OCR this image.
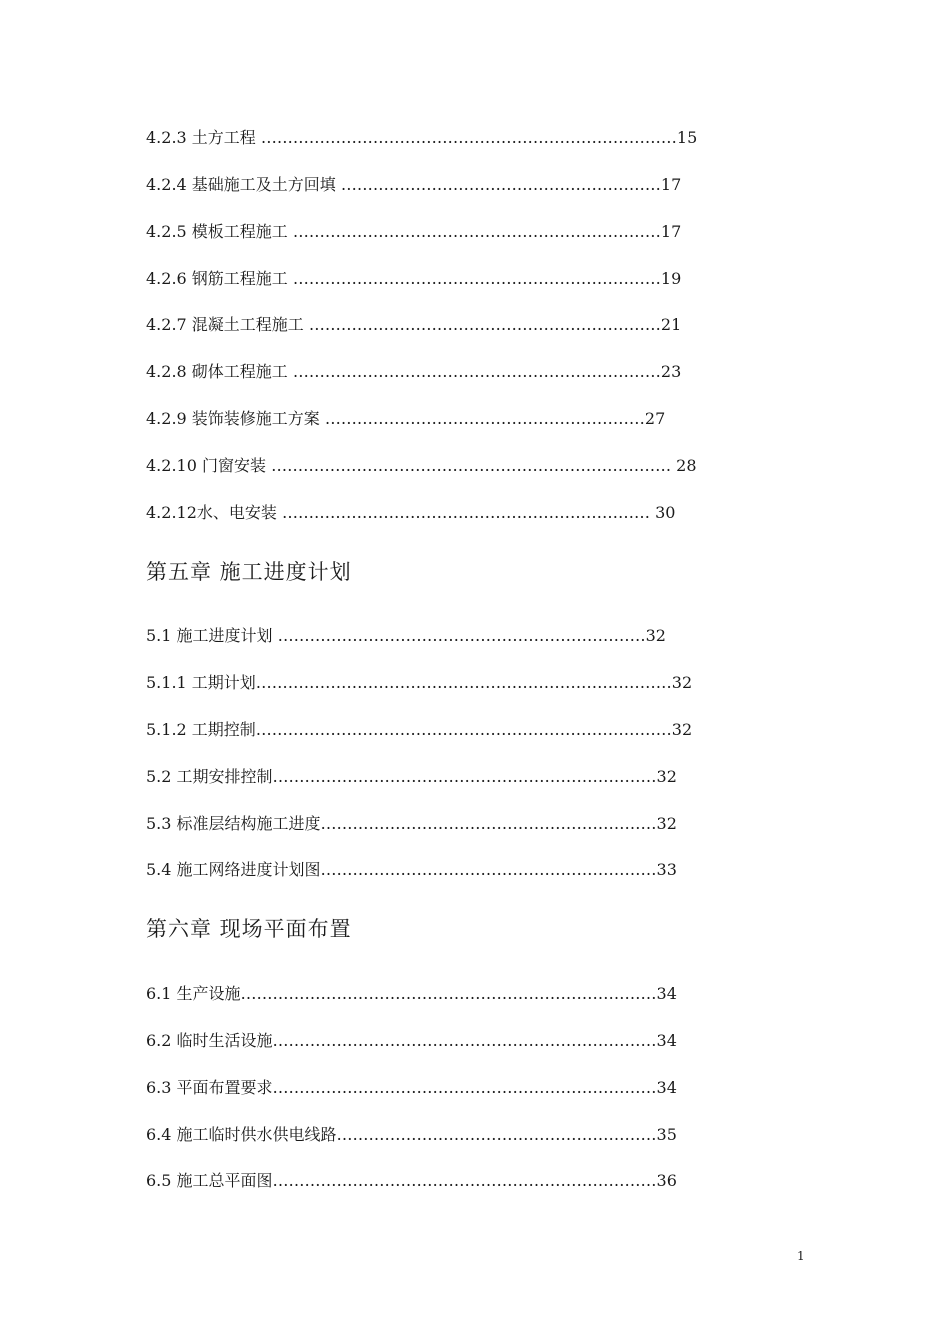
4.2.3 土方工程 ……………………………………………………………………15
4.2.4 基础施工及土方回填 ……………………………………………………17
4.2.5 模板工程施工 ……………………………………………………………17
4.2.6 钢筋工程施工 ……………………………………………………………19
4.2.7 混凝土工程施工 …………………………………………………………21
4.2.8 砌体工程施工 ……………………………………………………………23
4.2.9 装饰装修施工方案 ……………………………………………………27
4.2.10 门窗安装 ………………………………………………………………… 28
4.2.12水、电安装 …………………………………………………………… 30
第五章 施工进度计划
5.1 施工进度计划 ……………………………………………………………32
5.1.1 工期计划……………………………………………………………………32
5.1.2 工期控制……………………………………………………………………32
5.2 工期安排控制………………………………………………………………32
5.3 标准层结构施工进度………………………………………………………32
5.4 施工网络进度计划图………………………………………………………33
第六章 现场平面布置
6.1 生产设施……………………………………………………………………34
6.2 临时生活设施………………………………………………………………34
6.3 平面布置要求………………………………………………………………34
6.4 施工临时供水供电线路……………………………………………………35
6.5 施工总平面图………………………………………………………………36
1
